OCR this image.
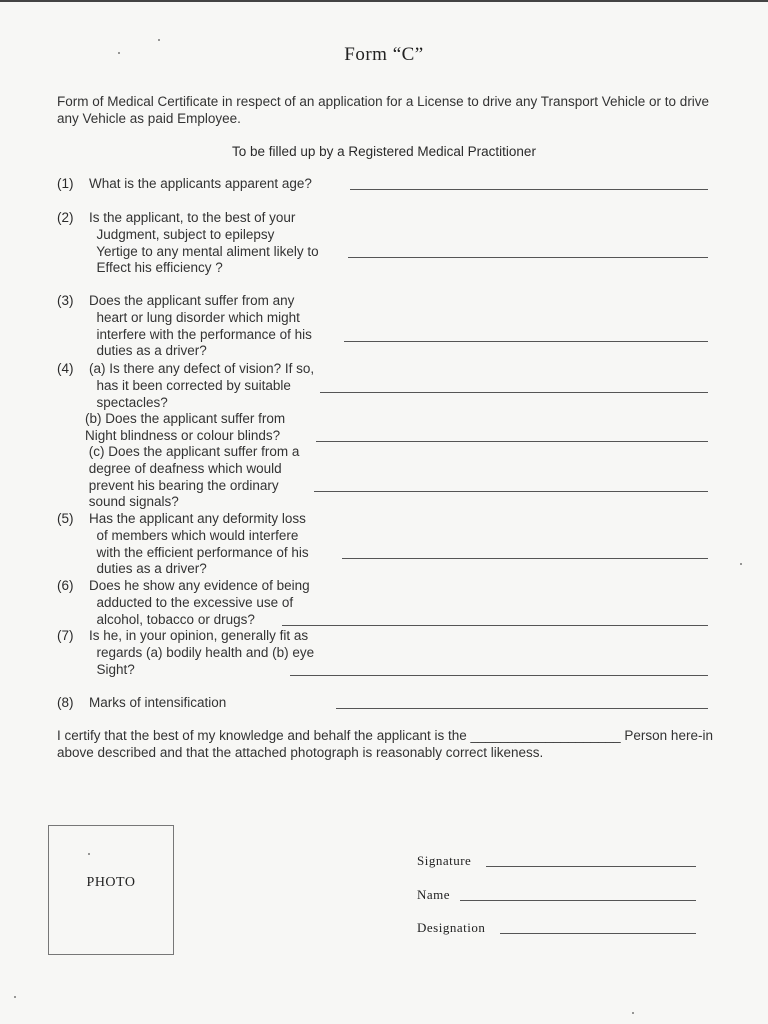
Form “C”
Form of Medical Certificate in respect of an application for a License to drive any Transport Vehicle or to drive any Vehicle as paid Employee.
To be filled up by a Registered Medical Practitioner
(1) What is the applicants apparent age?
(2) Is the applicant, to the best of your
Judgment, subject to epilepsy
Yertige to any mental aliment likely to
Effect his efficiency ?
(3) Does the applicant suffer from any
heart or lung disorder which might
interfere with the performance of his
duties as a driver?
(4) (a) Is there any defect of vision? If so,
has it been corrected by suitable
spectacles?
(b) Does the applicant suffer from
Night blindness or colour blinds?
(c) Does the applicant suffer from a
degree of deafness which would
prevent his bearing the ordinary
sound signals?
(5) Has the applicant any deformity loss
of members which would interfere
with the efficient performance of his
duties as a driver?
(6) Does he show any evidence of being
adducted to the excessive use of
alcohol, tobacco or drugs?
(7) Is he, in your opinion, generally fit as
regards (a) bodily health and (b) eye
Sight?
(8) Marks of intensification
I certify that the best of my knowledge and behalf the applicant is the ____________________ Person here-in above described and that the attached photograph is reasonably correct likeness.
PHOTO
Signature
Name
Designation
